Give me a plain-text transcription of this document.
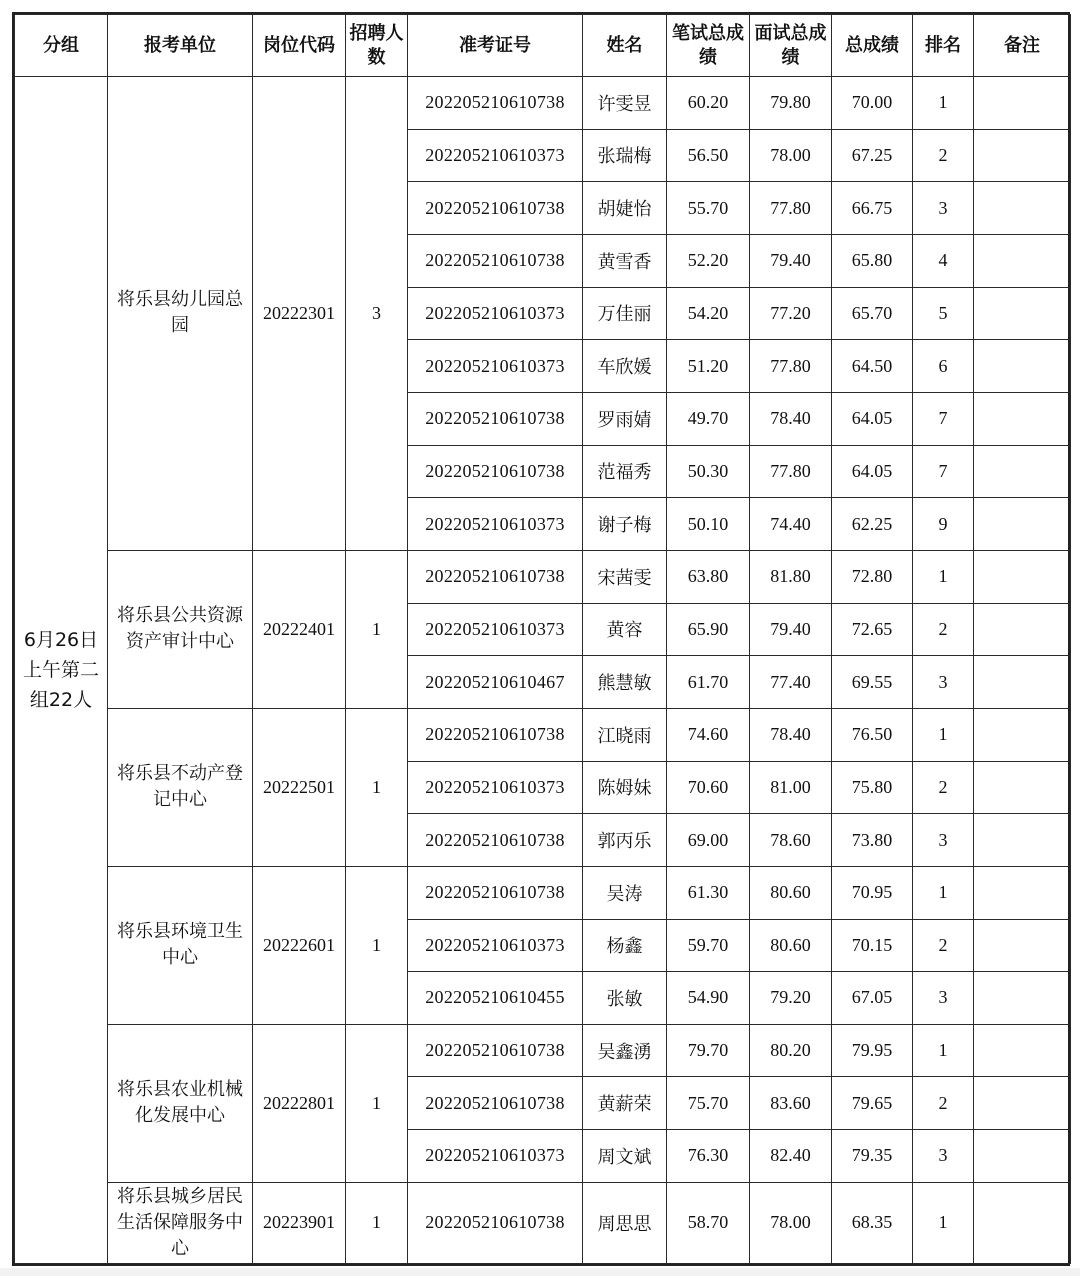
分组	报考单位	岗位代码	招聘人数	准考证号	姓名	笔试总成绩	面试总成绩	总成绩	排名	备注
6月26日上午第二组22人	将乐县幼儿园总园	20222301	3	202205210610738	许雯昱	60.20	79.80	70.00	1	
				202205210610373	张瑞梅	56.50	78.00	67.25	2	
				202205210610738	胡婕怡	55.70	77.80	66.75	3	
				202205210610738	黄雪香	52.20	79.40	65.80	4	
				202205210610373	万佳丽	54.20	77.20	65.70	5	
				202205210610373	车欣媛	51.20	77.80	64.50	6	
				202205210610738	罗雨婧	49.70	78.40	64.05	7	
				202205210610738	范福秀	50.30	77.80	64.05	7	
				202205210610373	谢子梅	50.10	74.40	62.25	9	
	将乐县公共资源资产审计中心	20222401	1	202205210610738	宋茜雯	63.80	81.80	72.80	1	
				202205210610373	黄容	65.90	79.40	72.65	2	
				202205210610467	熊慧敏	61.70	77.40	69.55	3	
	将乐县不动产登记中心	20222501	1	202205210610738	江晓雨	74.60	78.40	76.50	1	
				202205210610373	陈姆妹	70.60	81.00	75.80	2	
				202205210610738	郭丙乐	69.00	78.60	73.80	3	
	将乐县环境卫生中心	20222601	1	202205210610738	吴涛	61.30	80.60	70.95	1	
				202205210610373	杨鑫	59.70	80.60	70.15	2	
				202205210610455	张敏	54.90	79.20	67.05	3	
	将乐县农业机械化发展中心	20222801	1	202205210610738	吴鑫湧	79.70	80.20	79.95	1	
				202205210610738	黄薪荣	75.70	83.60	79.65	2	
				202205210610373	周文斌	76.30	82.40	79.35	3	
	将乐县城乡居民生活保障服务中心	20223901	1	202205210610738	周思思	58.70	78.00	68.35	1	
